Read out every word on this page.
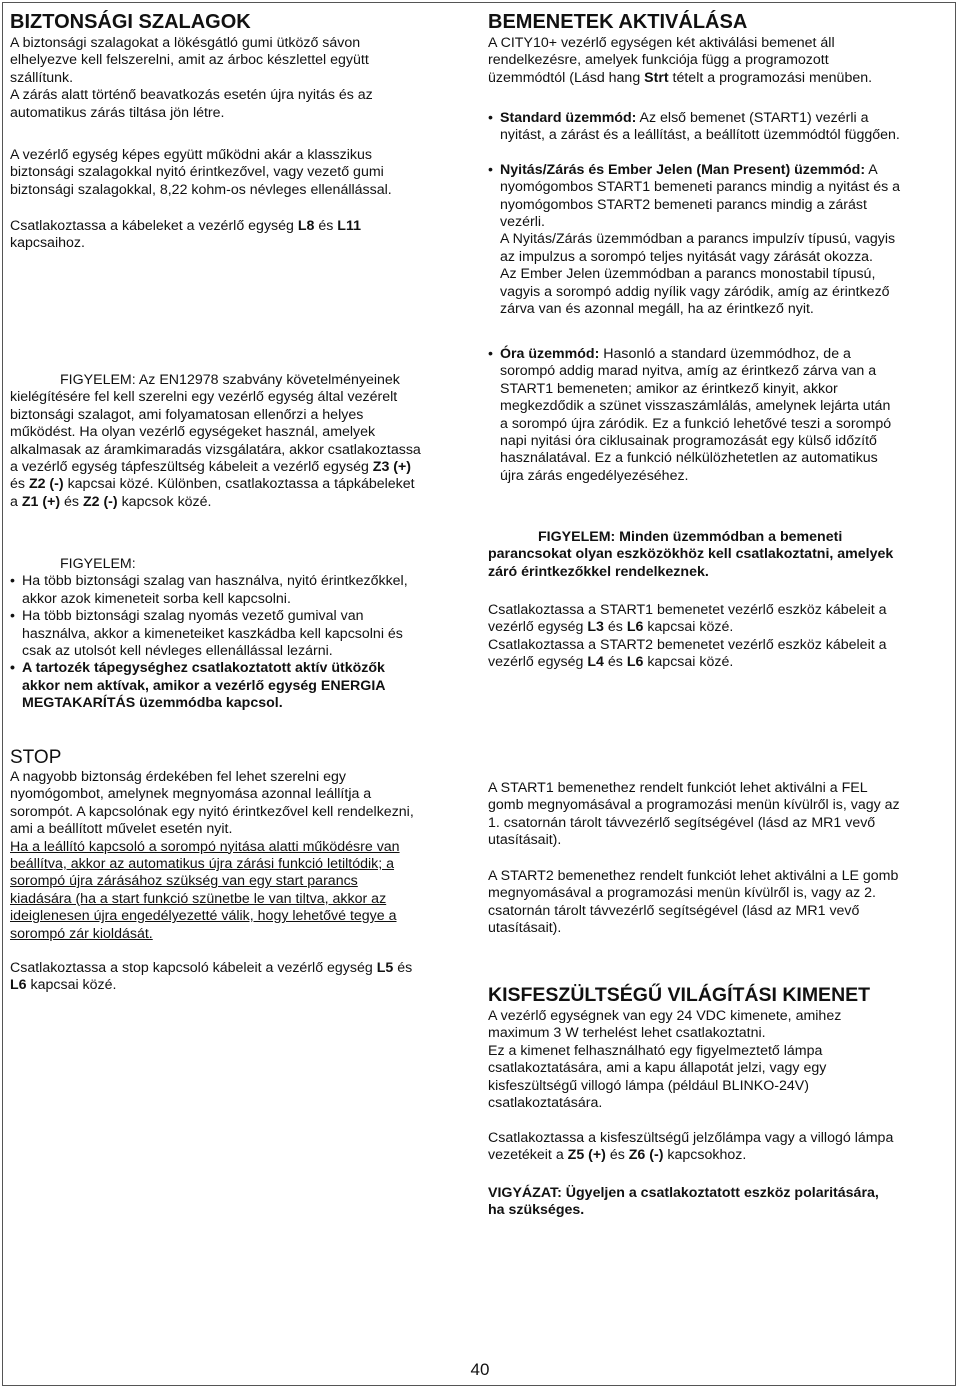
BIZTONSÁGI SZALAGOK

A biztonsági szalagokat a lökésgátló gumi ütköző sávon
elhelyezve kell felszerelni, amit az árboc készlettel együtt
szállítunk.
A zárás alatt történő beavatkozás esetén újra nyitás és az
automatikus zárás tiltása jön létre.

A vezérlő egység képes együtt működni akár a klasszikus
biztonsági szalagokkal nyitó érintkezővel, vagy vezető gumi
biztonsági szalagokkal, 8,22 kohm-os névleges ellenállással.

Csatlakoztassa a kábeleket a vezérlő egység L8 és L11
kapcsaihoz.

FIGYELEM: Az EN12978 szabvány követelményeinek
kielégítésére fel kell szerelni egy vezérlő egység által vezérelt
biztonsági szalagot, ami folyamatosan ellenőrzi a helyes
működést. Ha olyan vezérlő egységeket használ, amelyek
alkalmasak az áramkimaradás vizsgálatára, akkor csatlakoztassa
a vezérlő egység tápfeszültség kábeleit a vezérlő egység Z3 (+)
és Z2 (-) kapcsai közé. Különben, csatlakoztassa a tápkábeleket
a Z1 (+) és Z2 (-) kapcsok közé.

FIGYELEM:

• Ha több biztonsági szalag van használva, nyitó érintkezőkkel,
akkor azok kimeneteit sorba kell kapcsolni.
• Ha több biztonsági szalag nyomás vezető gumival van
használva, akkor a kimeneteiket kaszkádba kell kapcsolni és
csak az utolsót kell névleges ellenállással lezárni.
• A tartozék tápegységhez csatlakoztatott aktív ütközők
akkor nem aktívak, amikor a vezérlő egység ENERGIA
MEGTAKARÍTÁS üzemmódba kapcsol.
STOP

A nagyobb biztonság érdekében fel lehet szerelni egy
nyomógombot, amelynek megnyomása azonnal leállítja a
sorompót. A kapcsolónak egy nyitó érintkezővel kell rendelkezni,
ami a beállított művelet esetén nyit.

Ha a leállító kapcsoló a sorompó nyitása alatti működésre van
beállítva, akkor az automatikus újra zárási funkció letiltódik; a
sorompó újra zárásához szükség van egy start parancs
kiadására (ha a start funkció szünetbe le van tiltva, akkor az
ideiglenesen újra engedélyezetté válik, hogy lehetővé tegye a
sorompó zár kioldását.

Csatlakoztassa a stop kapcsoló kábeleit a vezérlő egység L5 és
L6 kapcsai közé.

BEMENETEK AKTIVÁLÁSA

A CITY10+ vezérlő egységen két aktiválási bemenet áll
rendelkezésre, amelyek funkciója függ a programozott
üzemmódtól (Lásd hang Strt tételt a programozási menüben.

• Standard üzemmód: Az első bemenet (START1) vezérli a
nyitást, a zárást és a leállítást, a beállított üzemmódtól függően.
• Nyitás/Zárás és Ember Jelen (Man Present) üzemmód: A
nyomógombos START1 bemeneti parancs mindig a nyitást és a
nyomógombos START2 bemeneti parancs mindig a zárást
vezérli.
A Nyitás/Zárás üzemmódban a parancs impulzív típusú, vagyis
az impulzus a sorompó teljes nyitását vagy zárását okozza.
Az Ember Jelen üzemmódban a parancs monostabil típusú,
vagyis a sorompó addig nyílik vagy záródik, amíg az érintkező
zárva van és azonnal megáll, ha az érintkező nyit.
• Óra üzemmód: Hasonló a standard üzemmódhoz, de a
sorompó addig marad nyitva, amíg az érintkező zárva van a
START1 bemeneten; amikor az érintkező kinyit, akkor
megkezdődik a szünet visszaszámlálás, amelynek lejárta után
a sorompó újra záródik. Ez a funkció lehetővé teszi a sorompó
napi nyitási óra ciklusainak programozását egy külső időzítő
használatával. Ez a funkció nélkülözhetetlen az automatikus
újra zárás engedélyezéséhez.

FIGYELEM: Minden üzemmódban a bemeneti
parancsokat olyan eszközökhöz kell csatlakoztatni, amelyek
záró érintkezőkkel rendelkeznek.

Csatlakoztassa a START1 bemenetet vezérlő eszköz kábeleit a
vezérlő egység L3 és L6 kapcsai közé.
Csatlakoztassa a START2 bemenetet vezérlő eszköz kábeleit a
vezérlő egység L4 és L6 kapcsai közé.

A START1 bemenethez rendelt funkciót lehet aktiválni a FEL
gomb megnyomásával a programozási menün kívülről is, vagy az
1. csatornán tárolt távvezérlő segítségével (lásd az MR1 vevő
utasításait).

A START2 bemenethez rendelt funkciót lehet aktiválni a LE gomb
megnyomásával a programozási menün kívülről is, vagy az 2.
csatornán tárolt távvezérlő segítségével (lásd az MR1 vevő
utasításait).

KISFESZÜLTSÉGŰ VILÁGÍTÁSI KIMENET

A vezérlő egységnek van egy 24 VDC kimenete, amihez
maximum 3 W terhelést lehet csatlakoztatni.
Ez a kimenet felhasználható egy figyelmeztető lámpa
csatlakoztatására, ami a kapu állapotát jelzi, vagy egy
kisfeszültségű villogó lámpa (például BLINKO-24V)
csatlakoztatására.

Csatlakoztassa a kisfeszültségű jelzőlámpa vagy a villogó lámpa
vezetékeit a Z5 (+) és Z6 (-) kapcsokhoz.

VIGYÁZAT: Ügyeljen a csatlakoztatott eszköz polaritására,
ha szükséges.

40
